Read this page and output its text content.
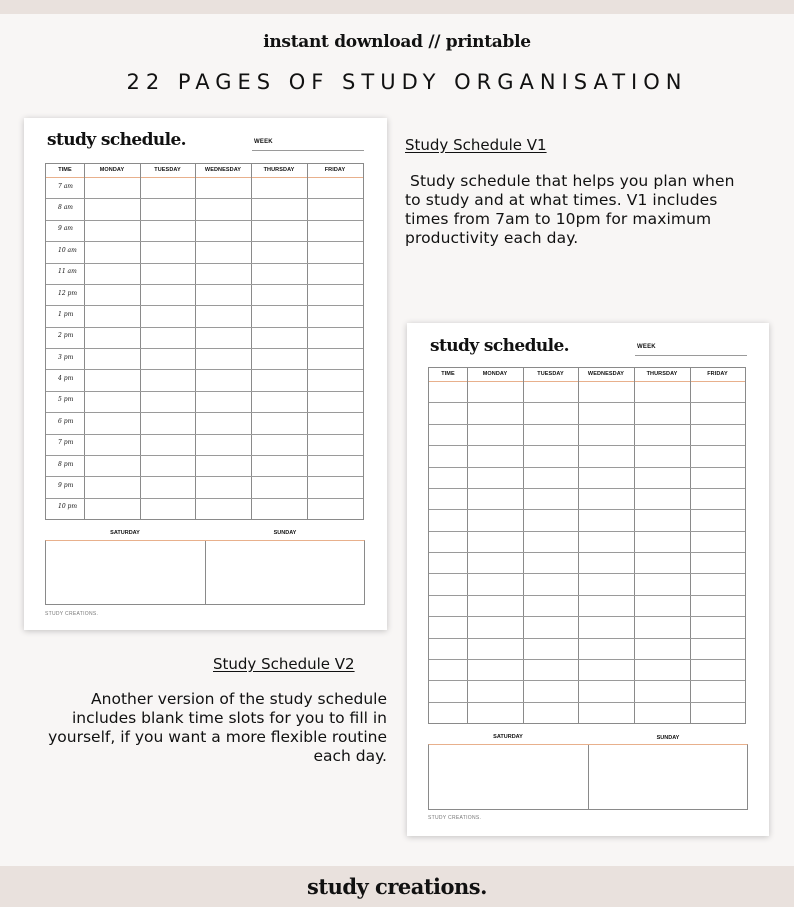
instant download // printable
22 PAGES OF STUDY ORGANISATION
study schedule.	WEEK
TIME	MONDAY	TUESDAY	WEDNESDAY	THURSDAY	FRIDAY
7 am
8 am
9 am
10 am
11 am
12 pm
1 pm
2 pm
3 pm
4 pm
5 pm
6 pm
7 pm
8 pm
9 pm
10 pm
SATURDAY	SUNDAY
STUDY CREATIONS.
Study Schedule V1
Study schedule that helps you plan when to study and at what times. V1 includes times from 7am to 10pm for maximum productivity each day.
study schedule.	WEEK
TIME	MONDAY	TUESDAY	WEDNESDAY	THURSDAY	FRIDAY
SATURDAY	SUNDAY
STUDY CREATIONS.
Study Schedule V2
Another version of the study schedule includes blank time slots for you to fill in yourself, if you want a more flexible routine each day.
study creations.
